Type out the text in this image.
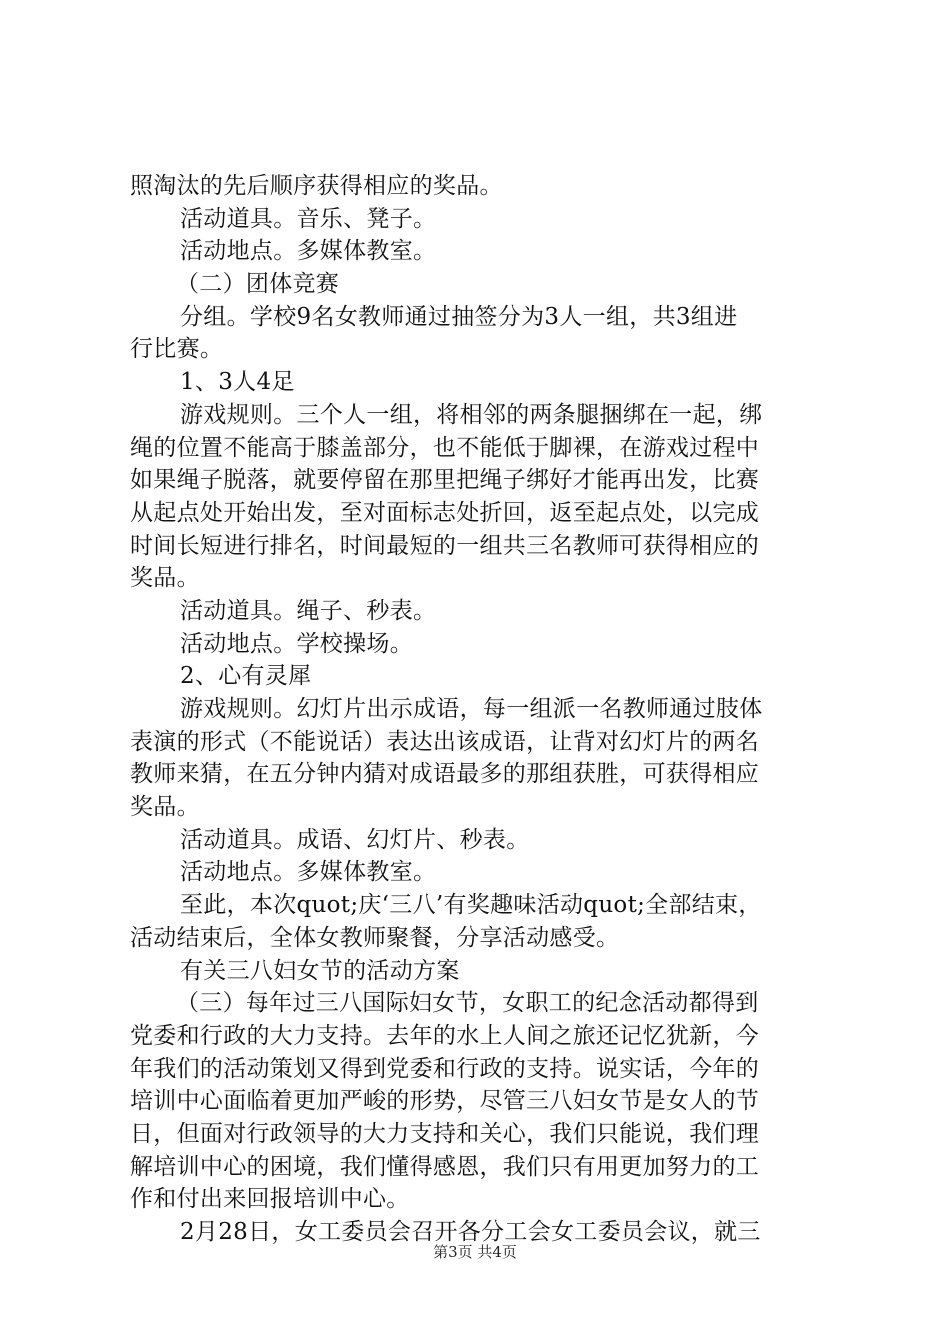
照淘汰的先后顺序获得相应的奖品。
活动道具。音乐、凳子。
活动地点。多媒体教室。
（二）团体竞赛
分组。学校9名女教师通过抽签分为3人一组，共3组进
行比赛。
1、3人4足
游戏规则。三个人一组，将相邻的两条腿捆绑在一起，绑
绳的位置不能高于膝盖部分，也不能低于脚裸，在游戏过程中
如果绳子脱落，就要停留在那里把绳子绑好才能再出发，比赛
从起点处开始出发，至对面标志处折回，返至起点处，以完成
时间长短进行排名，时间最短的一组共三名教师可获得相应的
奖品。
活动道具。绳子、秒表。
活动地点。学校操场。
2、心有灵犀
游戏规则。幻灯片出示成语，每一组派一名教师通过肢体
表演的形式（不能说话）表达出该成语，让背对幻灯片的两名
教师来猜，在五分钟内猜对成语最多的那组获胜，可获得相应
奖品。
活动道具。成语、幻灯片、秒表。
活动地点。多媒体教室。
至此，本次quot;庆‘三八’有奖趣味活动quot;全部结束，
活动结束后，全体女教师聚餐，分享活动感受。
有关三八妇女节的活动方案
（三）每年过三八国际妇女节，女职工的纪念活动都得到
党委和行政的大力支持。去年的水上人间之旅还记忆犹新，今
年我们的活动策划又得到党委和行政的支持。说实话，今年的
培训中心面临着更加严峻的形势，尽管三八妇女节是女人的节
日，但面对行政领导的大力支持和关心，我们只能说，我们理
解培训中心的困境，我们懂得感恩，我们只有用更加努力的工
作和付出来回报培训中心。
2月28日，女工委员会召开各分工会女工委员会议，就三
第3页 共4页
